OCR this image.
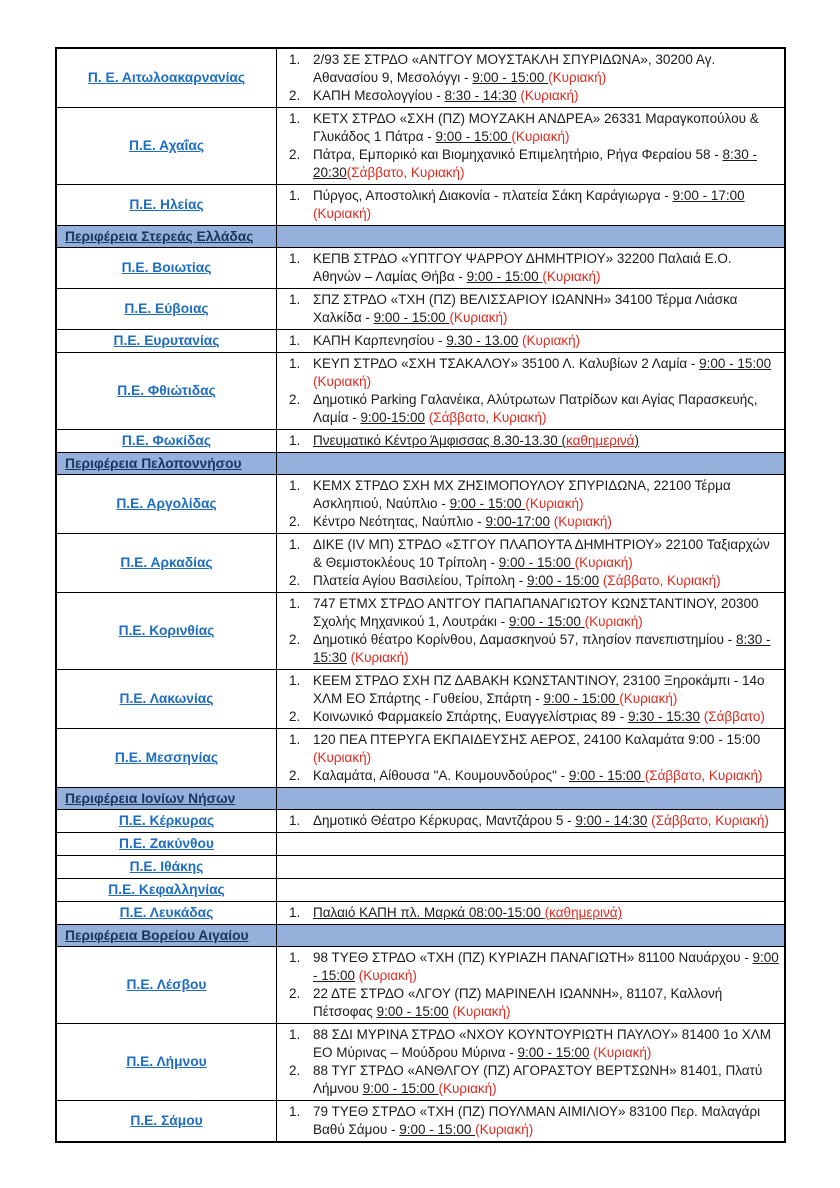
Π. Ε. Αιτωλοακαρνανίας	1. 2/93 ΣΕ ΣΤΡΔΟ «ΑΝΤΓΟΥ ΜΟΥΣΤΑΚΛΗ ΣΠΥΡΙΔΩΝΑ», 30200 Αγ. Αθανασίου 9, Μεσολόγγι - 9:00 - 15:00 (Κυριακή)
2. ΚΑΠΗ Μεσολογγίου - 8:30 - 14:30 (Κυριακή)

Π.Ε. Αχαΐας	1. ΚΕΤΧ ΣΤΡΔΟ «ΣΧΗ (ΠΖ) ΜΟΥΖΑΚΗ ΑΝΔΡΕΑ» 26331 Μαραγκοπούλου & Γλυκάδος 1 Πάτρα - 9:00 - 15:00 (Κυριακή)
2. Πάτρα, Εμπορικό και Βιομηχανικό Επιμελητήριο, Ρήγα Φεραίου 58 - 8:30 - 20:30(Σάββατο, Κυριακή)

Π.Ε. Ηλείας	1. Πύργος, Αποστολική Διακονία - πλατεία Σάκη Καράγιωργα - 9:00 - 17:00 (Κυριακή)

Περιφέρεια Στερεάς Ελλάδας	
Π.Ε. Βοιωτίας	1. ΚΕΠΒ ΣΤΡΔΟ «ΥΠΤΓΟΥ ΨΑΡΡΟΥ ΔΗΜΗΤΡΙΟΥ» 32200 Παλαιά Ε.Ο. Αθηνών – Λαμίας Θήβα - 9:00 - 15:00 (Κυριακή)

Π.Ε. Εύβοιας	1. ΣΠΖ ΣΤΡΔΟ «ΤΧΗ (ΠΖ) ΒΕΛΙΣΣΑΡΙΟΥ ΙΩΑΝΝΗ» 34100 Τέρμα Λιάσκα Χαλκίδα - 9:00 - 15:00 (Κυριακή)

Π.Ε. Ευρυτανίας	1. ΚΑΠΗ Καρπενησίου - 9.30 - 13.00 (Κυριακή)

Π.Ε. Φθιώτιδας	1. ΚΕΥΠ ΣΤΡΔΟ «ΣΧΗ ΤΣΑΚΑΛΟΥ» 35100 Λ. Καλυβίων 2 Λαμία - 9:00 - 15:00 (Κυριακή)
2. Δημοτικό Parking Γαλανέικα, Αλύτρωτων Πατρίδων και Αγίας Παρασκευής, Λαμία - 9:00-15:00 (Σάββατο, Κυριακή)

Π.Ε. Φωκίδας	1. Πνευματικό Κέντρο Άμφισσας 8.30-13.30 (καθημερινά)

Περιφέρεια Πελοποννήσου	
Π.Ε. Αργολίδας	1. ΚΕΜΧ ΣΤΡΔΟ ΣΧΗ ΜΧ ΖΗΣΙΜΟΠΟΥΛΟΥ ΣΠΥΡΙΔΩΝΑ, 22100 Τέρμα Ασκληπιού, Ναύπλιο - 9:00 - 15:00 (Κυριακή)
2. Κέντρο Νεότητας, Ναύπλιο - 9:00-17:00 (Κυριακή)

Π.Ε. Αρκαδίας	1. ΔΙΚΕ (IV ΜΠ) ΣΤΡΔΟ «ΣΤΓΟΥ ΠΛΑΠΟΥΤΑ ΔΗΜΗΤΡΙΟΥ» 22100 Ταξιαρχών & Θεμιστοκλέους 10 Τρίπολη - 9:00 - 15:00 (Κυριακή)
2. Πλατεία Αγίου Βασιλείου, Τρίπολη - 9:00 - 15:00 (Σάββατο, Κυριακή)

Π.Ε. Κορινθίας	1. 747 ΕΤΜΧ ΣΤΡΔΟ ΑΝΤΓΟΥ ΠΑΠΑΠΑΝΑΓΙΩΤΟΥ ΚΩΝΣΤΑΝΤΙΝΟΥ, 20300 Σχολής Μηχανικού 1, Λουτράκι - 9:00 - 15:00 (Κυριακή)
2. Δημοτικό θέατρο Κορίνθου, Δαμασκηνού 57, πλησίον πανεπιστημίου - 8:30 - 15:30 (Κυριακή)

Π.Ε. Λακωνίας	1. ΚΕΕΜ ΣΤΡΔΟ ΣΧΗ ΠΖ ΔΑΒΑΚΗ ΚΩΝΣΤΑΝΤΙΝΟΥ, 23100 Ξηροκάμπι - 14ο ΧΛΜ ΕΟ Σπάρτης - Γυθείου, Σπάρτη - 9:00 - 15:00 (Κυριακή)
2. Κοινωνικό Φαρμακείο Σπάρτης, Ευαγγελίστριας 89 - 9:30 - 15:30 (Σάββατο)

Π.Ε. Μεσσηνίας	1. 120 ΠΕΑ ΠΤΕΡΥΓΑ ΕΚΠΑΙΔΕΥΣΗΣ ΑΕΡΟΣ, 24100 Καλαμάτα 9:00 - 15:00 (Κυριακή)
2. Καλαμάτα, Αίθουσα "Α. Κουμουνδούρος" - 9:00 - 15:00 (Σάββατο, Κυριακή)

Περιφέρεια Ιονίων Νήσων	
Π.Ε. Κέρκυρας	1. Δημοτικό Θέατρο Κέρκυρας, Μαντζάρου 5 - 9:00 - 14:30 (Σάββατο, Κυριακή)

Π.Ε. Ζακύνθου	
Π.Ε. Ιθάκης	
Π.Ε. Κεφαλληνίας	
Π.Ε. Λευκάδας	1. Παλαιό ΚΑΠΗ πλ. Μαρκά 08:00-15:00 (καθημερινά)

Περιφέρεια Βορείου Αιγαίου	
Π.Ε. Λέσβου	1. 98 ΤΥΕΘ ΣΤΡΔΟ «ΤΧΗ (ΠΖ) ΚΥΡΙΑΖΗ ΠΑΝΑΓΙΩΤΗ» 81100 Ναυάρχου - 9:00 - 15:00 (Κυριακή)
2. 22 ΔΤΕ ΣΤΡΔΟ «ΛΓΟΥ (ΠΖ) ΜΑΡΙΝΕΛΗ ΙΩΑΝΝΗ», 81107, Καλλονή Πέτσοφας 9:00 - 15:00 (Κυριακή)

Π.Ε. Λήμνου	1. 88 ΣΔΙ ΜΥΡΙΝΑ ΣΤΡΔΟ «ΝΧΟΥ ΚΟΥΝΤΟΥΡΙΩΤΗ ΠΑΥΛΟΥ» 81400 1ο ΧΛΜ ΕΟ Μύρινας – Μούδρου Μύρινα - 9:00 - 15:00 (Κυριακή)
2. 88 ΤΥΓ ΣΤΡΔΟ «ΑΝΘΛΓΟΥ (ΠΖ) ΑΓΟΡΑΣΤΟΥ ΒΕΡΤΣΩΝΗ» 81401, Πλατύ Λήμνου 9:00 - 15:00 (Κυριακή)

Π.Ε. Σάμου	1. 79 ΤΥΕΘ ΣΤΡΔΟ «ΤΧΗ (ΠΖ) ΠΟΥΛΜΑΝ ΑΙΜΙΛΙΟΥ» 83100 Περ. Μαλαγάρι Βαθύ Σάμου - 9:00 - 15:00 (Κυριακή)
